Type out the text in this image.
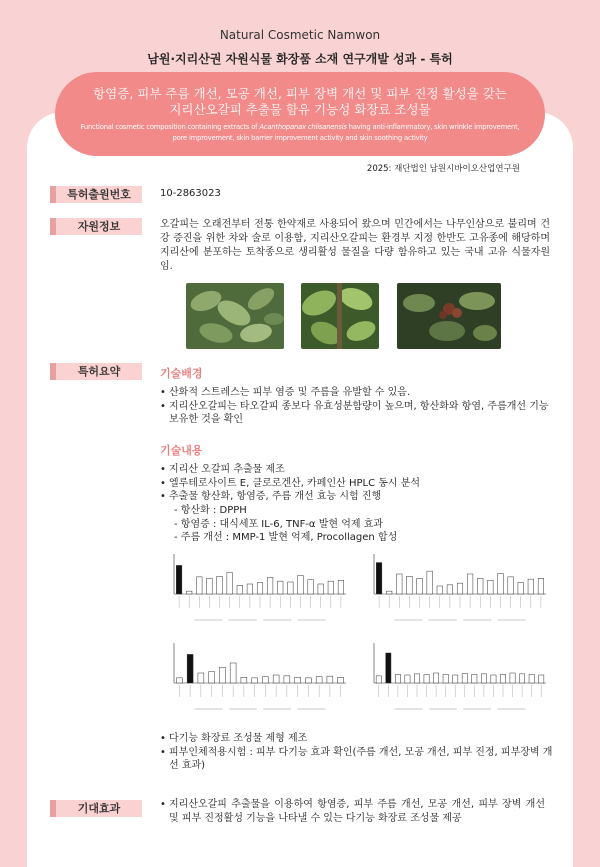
Natural Cosmetic Namwon
남원·지리산권 자원식물 화장품 소재 연구개발 성과 - 특허
항염증, 피부 주름 개선, 모공 개선, 피부 장벽 개선 및 피부 진정 활성을 갖는
지리산오갈피 추출물 함유 기능성 화장료 조성물
Functional cosmetic composition containing extracts of Acanthopanax chiisanensis having anti-inflammatory, skin wrinkle improvement, pore improvement, skin barrier improvement activity and skin soothing activity
2025: 재단법인 남원시바이오산업연구원
특허출원번호	10-2863023
자원정보	오갈피는 오래전부터 전통 한약재로 사용되어 왔으며 민간에서는 나무인삼으로 불리며 건강 증진을 위한 차와 술로 이용함, 지리산오갈피는 환경부 지정 한반도 고유종에 해당하며 지리산에 분포하는 토착종으로 생리활성 물질을 다량 함유하고 있는 국내 고유 식물자원임.
특허요약	기술배경
• 산화적 스트레스는 피부 염증 및 주름을 유발할 수 있음.
• 지리산오갈피는 타오갈피 종보다 유효성분함량이 높으며, 항산화와 항염, 주름개선 기능 보유한 것을 확인
기술내용
• 지리산 오갈피 추출물 제조
• 엘루테로사이트 E, 클로로겐산, 카페인산 HPLC 동시 분석
• 추출물 항산화, 항염증, 주름 개선 효능 시험 진행
- 항산화 : DPPH
- 항염증 : 대식세포 IL-6, TNF-α 발현 억제 효과
- 주름 개선 : MMP-1 발현 억제, Procollagen 합성
• 다기능 화장료 조성물 제형 제조
• 피부인체적용시험 : 피부 다기능 효과 확인(주름 개선, 모공 개선, 피부 진정, 피부장벽 개선 효과)
기대효과
•	지리산오갈피 추출물을 이용하여 항염증, 피부 주름 개선, 모공 개선, 피부 장벽 개선 및 피부 진정활성 기능을 나타낼 수 있는 다기능 화장료 조성물 제공
